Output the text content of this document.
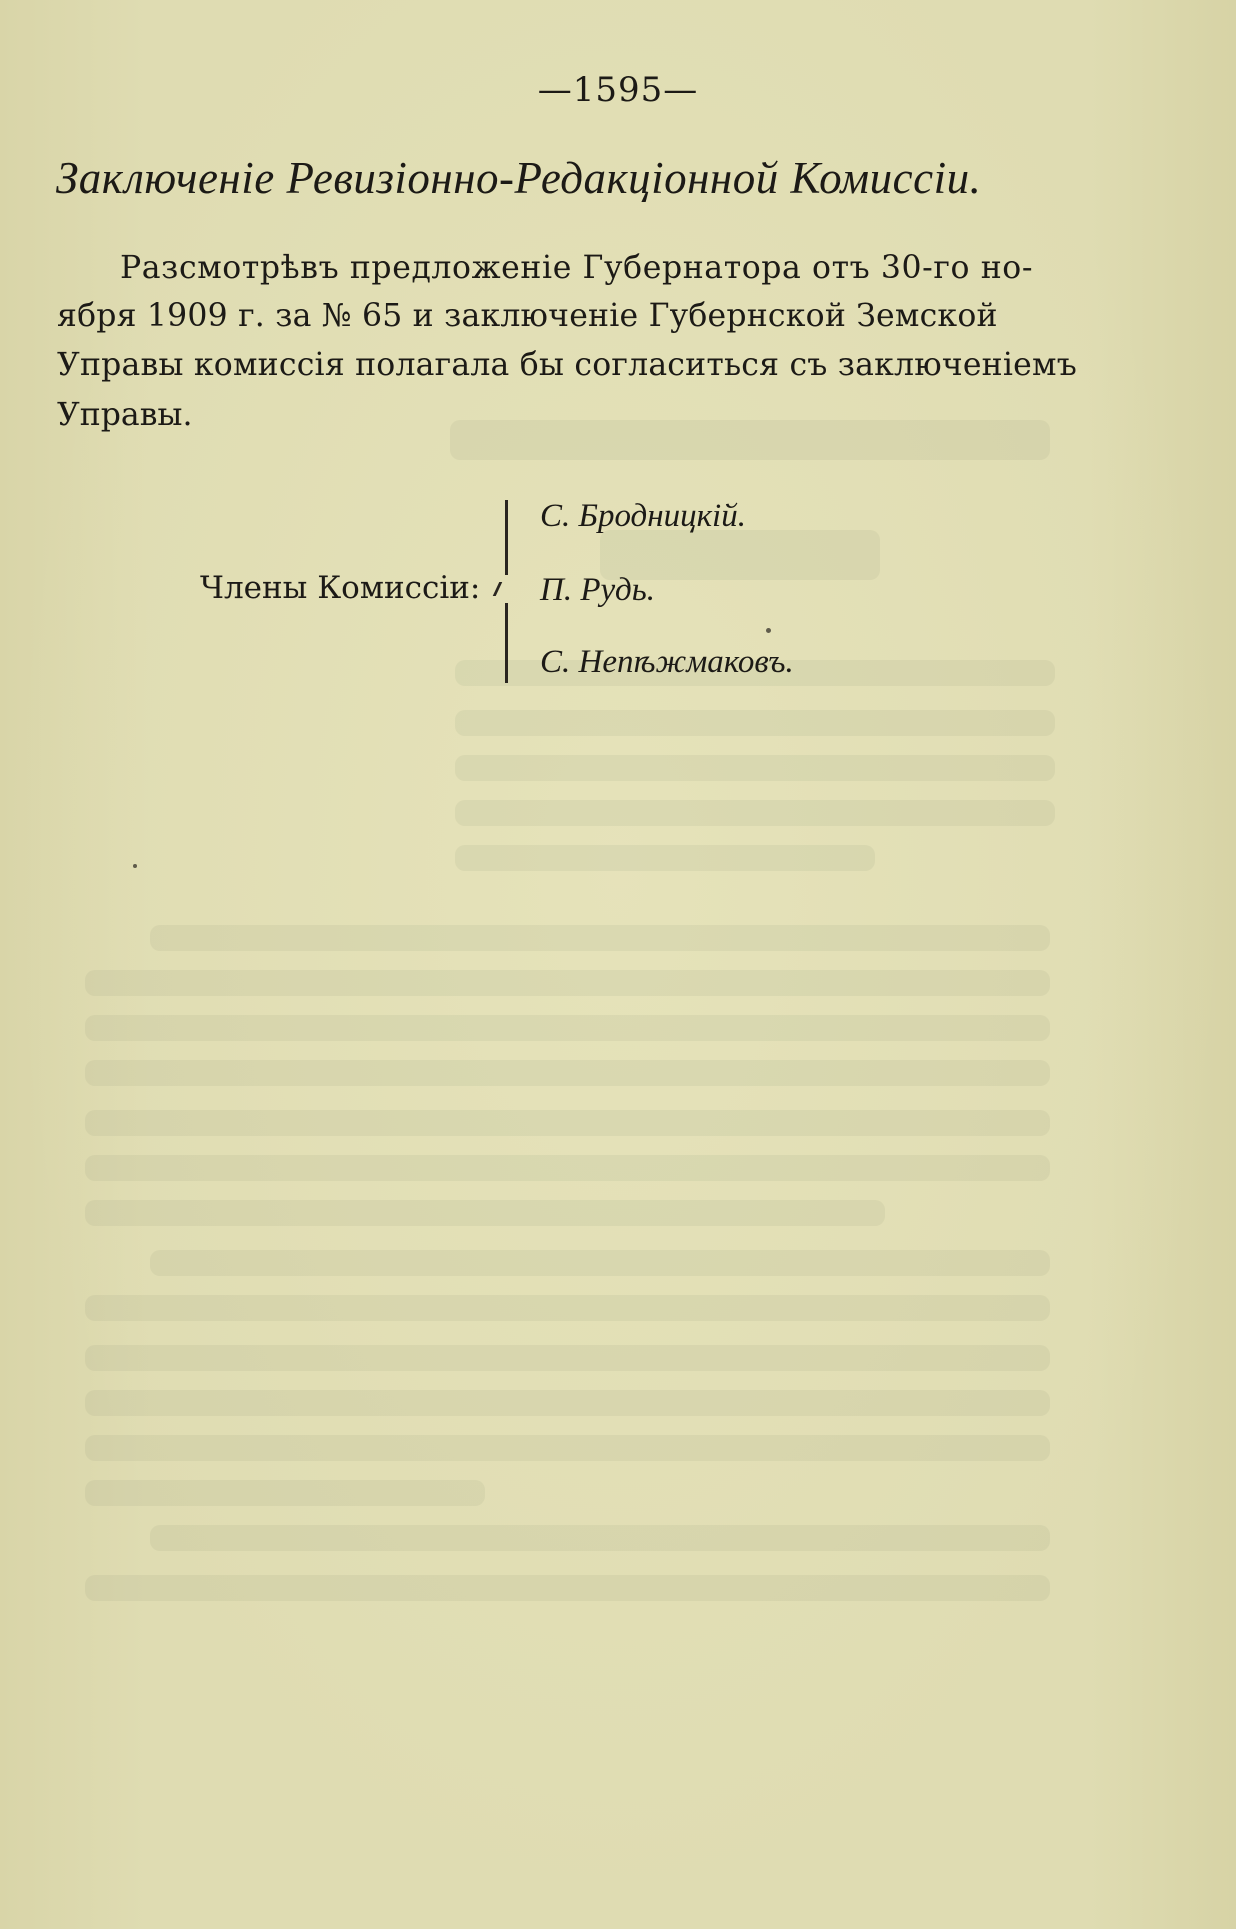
—1595—
Заключеніе Ревизіонно-Редакціонной Комиссіи.
Разсмотрѣвъ предложеніе Губернатора отъ 30-го но-
ября 1909 г. за № 65 и заключеніе Губернской Земской
Управы комиссія полагала бы согласиться съ заключеніемъ
Управы.
Члены Комиссіи:
С. Бродницкій.
П. Рудь.
С. Непѣжмаковъ.
